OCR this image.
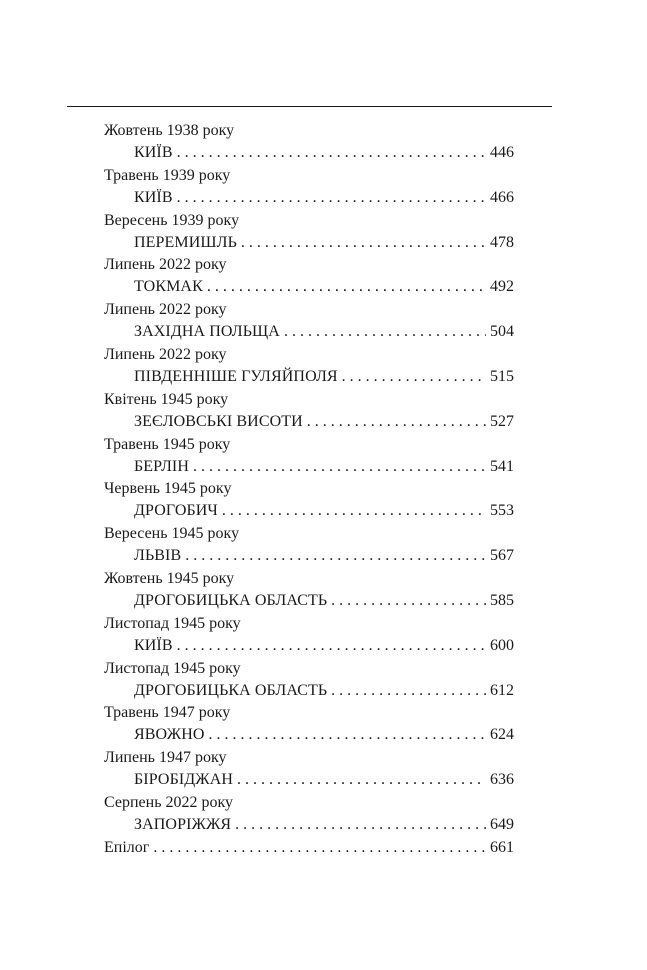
Жовтень 1938 року
КИЇВ . . .	446
Травень 1939 року
КИЇВ . . .	466
Вересень 1939 року
ПЕРЕМИШЛЬ . . .	478
Липень 2022 року
ТОКМАК . . .	492
Липень 2022 року
ЗАХІДНА ПОЛЬЩА . . .	504
Липень 2022 року
ПІВДЕННІШЕ ГУЛЯЙПОЛЯ . . .	515
Квітень 1945 року
ЗЕЄЛОВСЬКІ ВИСОТИ . . .	527
Травень 1945 року
БЕРЛІН . . .	541
Червень 1945 року
ДРОГОБИЧ . . .	553
Вересень 1945 року
ЛЬВІВ . . .	567
Жовтень 1945 року
ДРОГОБИЦЬКА ОБЛАСТЬ . . .	585
Листопад 1945 року
КИЇВ . . .	600
Листопад 1945 року
ДРОГОБИЦЬКА ОБЛАСТЬ . . .	612
Травень 1947 року
ЯВОЖНО . . .	624
Липень 1947 року
БІРОБІДЖАН . . .	636
Серпень 2022 року
ЗАПОРІЖЖЯ . . .	649
Епілог . . .	661
